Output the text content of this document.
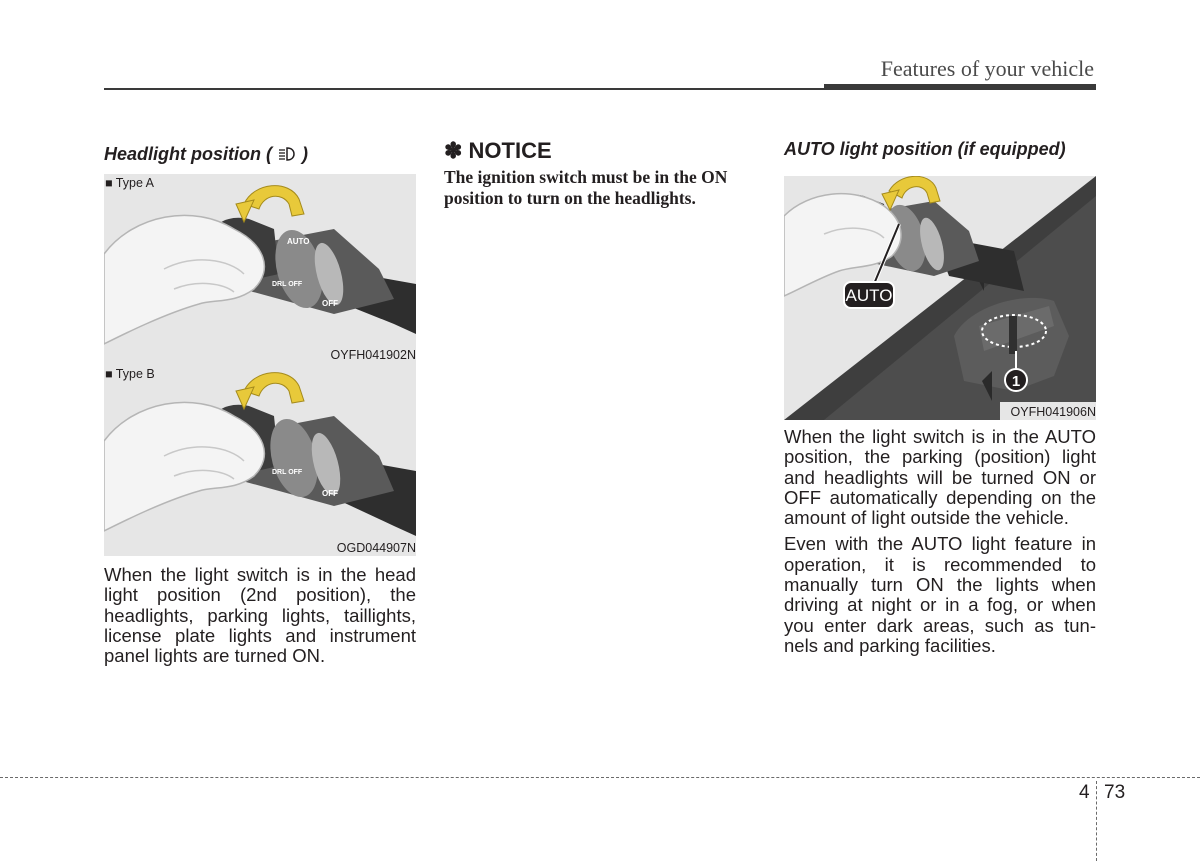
Features of your vehicle
Headlight position ( )
AUTO
DRL OFF
OFF
■ Type A
OYFH041902N
DRL OFF
OFF
■ Type B
OGD044907N

When the light switch is in the head light position (2nd position), the headlights, parking lights, taillights, license plate lights and instrument panel lights are turned ON.

✽ NOTICE
The ignition switch must be in the ON position to turn on the headlights.
AUTO light position (if equipped)
AUTO
1
OYFH041906N

When the light switch is in the AUTO position, the parking (position) light and headlights will be turned ON or OFF automatically depending on the amount of light outside the vehicle.

Even with the AUTO light feature in operation, it is recommended to manually turn ON the lights when driving at night or in a fog, or when you enter dark areas, such as tun-nels and parking facilities.

4 73
